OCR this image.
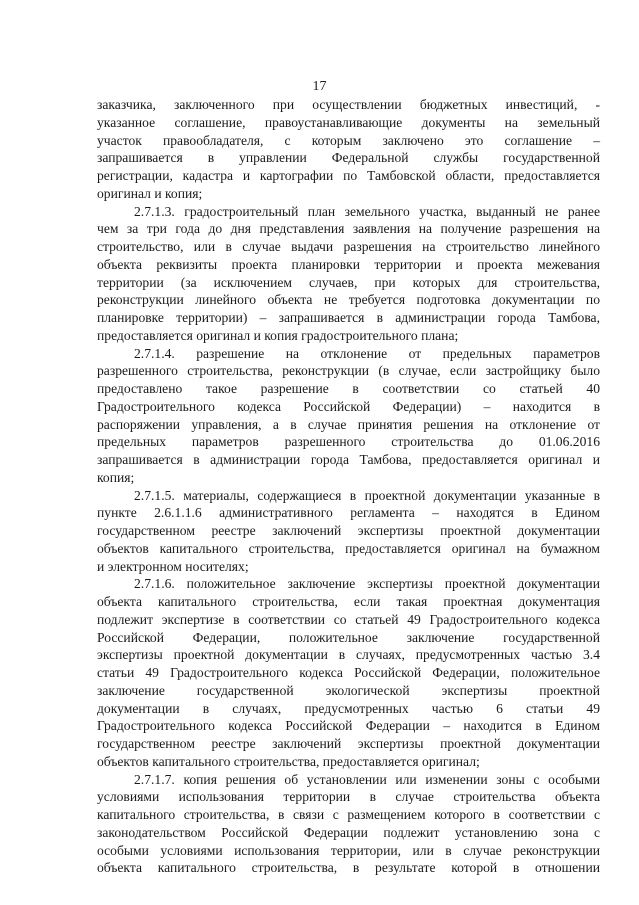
17
заказчика, заключенного при осуществлении бюджетных инвестиций, -
указанное соглашение, правоустанавливающие документы на земельный
участок правообладателя, с которым заключено это соглашение –
запрашивается в управлении Федеральной службы государственной
регистрации, кадастра и картографии по Тамбовской области, предоставляется
оригинал и копия;
2.7.1.3. градостроительный план земельного участка, выданный не ранее
чем за три года до дня представления заявления на получение разрешения на
строительство, или в случае выдачи разрешения на строительство линейного
объекта реквизиты проекта планировки территории и проекта межевания
территории (за исключением случаев, при которых для строительства,
реконструкции линейного объекта не требуется подготовка документации по
планировке территории) – запрашивается в администрации города Тамбова,
предоставляется оригинал и копия градостроительного плана;
2.7.1.4. разрешение на отклонение от предельных параметров
разрешенного строительства, реконструкции (в случае, если застройщику было
предоставлено такое разрешение в соответствии со статьей 40
Градостроительного кодекса Российской Федерации) – находится в
распоряжении управления, а в случае принятия решения на отклонение от
предельных параметров разрешенного строительства до 01.06.2016
запрашивается в администрации города Тамбова, предоставляется оригинал и
копия;
2.7.1.5. материалы, содержащиеся в проектной документации указанные в
пункте 2.6.1.1.6 административного регламента – находятся в Едином
государственном реестре заключений экспертизы проектной документации
объектов капитального строительства, предоставляется оригинал на бумажном
и электронном носителях;
2.7.1.6. положительное заключение экспертизы проектной документации
объекта капитального строительства, если такая проектная документация
подлежит экспертизе в соответствии со статьей 49 Градостроительного кодекса
Российской Федерации, положительное заключение государственной
экспертизы проектной документации в случаях, предусмотренных частью 3.4
статьи 49 Градостроительного кодекса Российской Федерации, положительное
заключение государственной экологической экспертизы проектной
документации в случаях, предусмотренных частью 6 статьи 49
Градостроительного кодекса Российской Федерации – находится в Едином
государственном реестре заключений экспертизы проектной документации
объектов капитального строительства, предоставляется оригинал;
2.7.1.7. копия решения об установлении или изменении зоны с особыми
условиями использования территории в случае строительства объекта
капитального строительства, в связи с размещением которого в соответствии с
законодательством Российской Федерации подлежит установлению зона с
особыми условиями использования территории, или в случае реконструкции
объекта капитального строительства, в результате которой в отношении
